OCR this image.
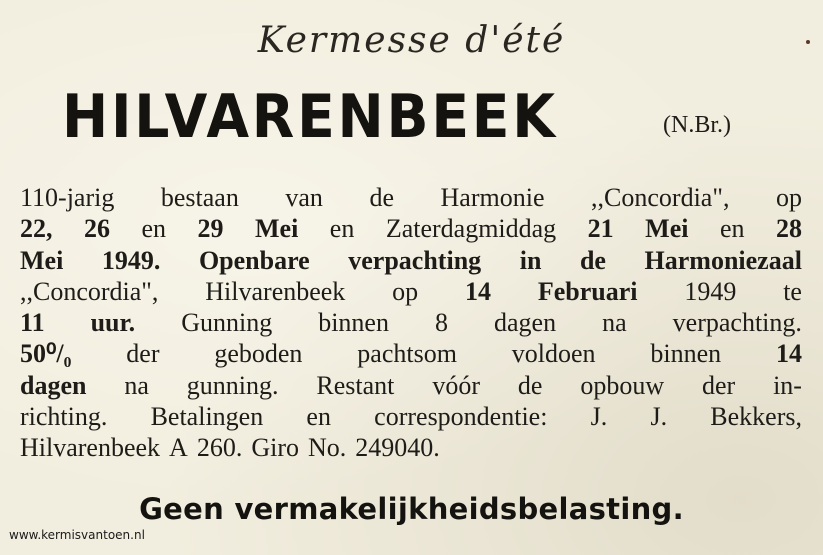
Kermesse d'été
HILVARENBEEK	(N.Br.)
110-jarig bestaan van de Harmonie ,,Concordia", op
22, 26 en 29 Mei en Zaterdagmiddag 21 Mei en 28
Mei 1949. Openbare verpachting in de Harmoniezaal
,,Concordia", Hilvarenbeek op 14 Februari 1949 te
11 uur. Gunning binnen 8 dagen na verpachting.
50⁰/₀ der geboden pachtsom voldoen binnen 14
dagen na gunning. Restant vóór de opbouw der in-
richting. Betalingen en correspondentie: J. J. Bekkers,
Hilvarenbeek A 260. Giro No. 249040.
Geen vermakelijkheidsbelasting.
www.kermisvantoen.nl
